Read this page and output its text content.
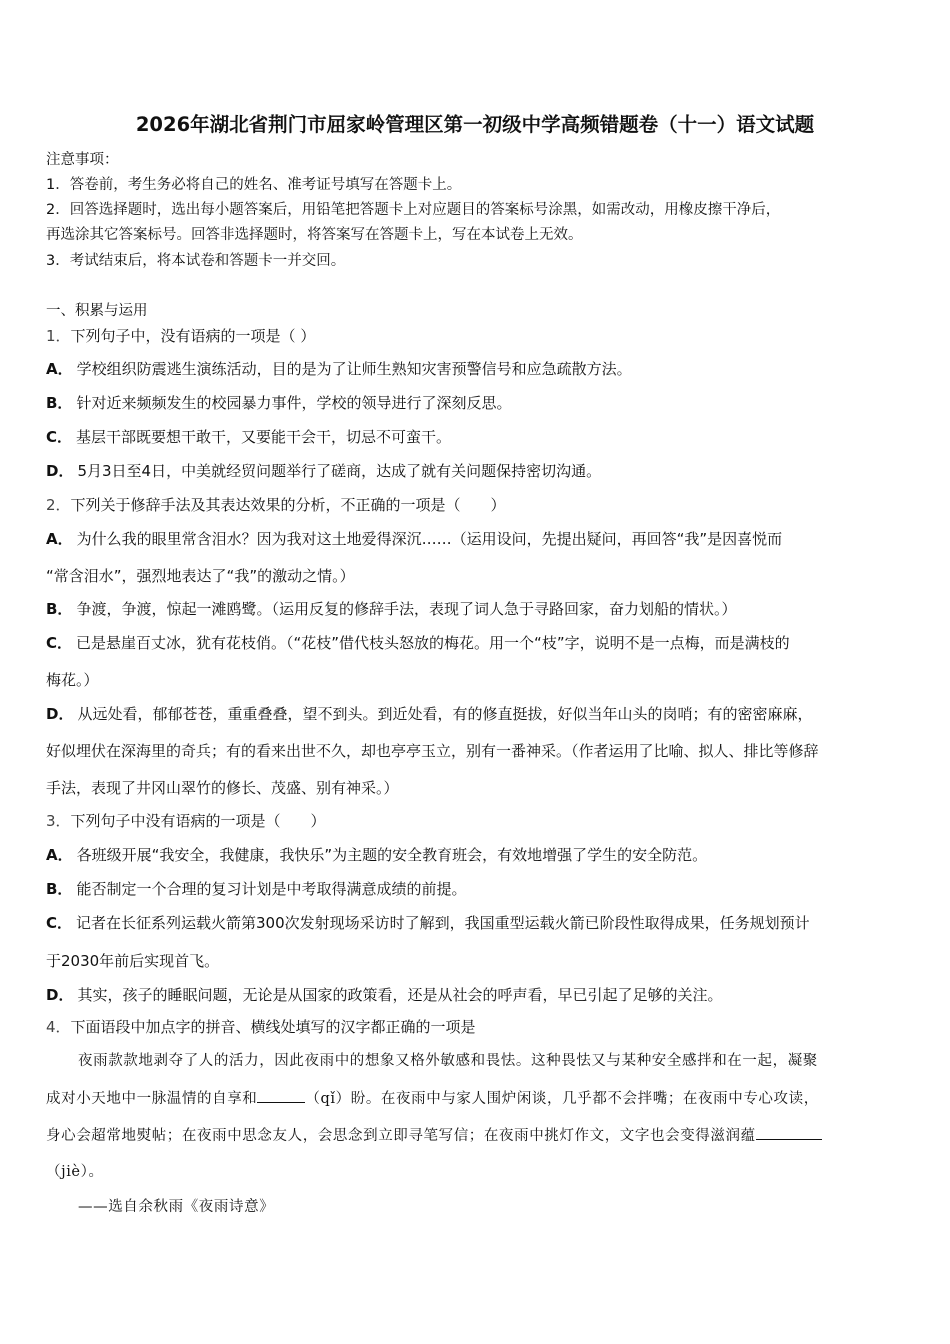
2026年湖北省荆门市屈家岭管理区第一初级中学高频错题卷（十一）语文试题
注意事项：
1．答卷前，考生务必将自己的姓名、准考证号填写在答题卡上。
2．回答选择题时，选出每小题答案后，用铅笔把答题卡上对应题目的答案标号涂黑，如需改动，用橡皮擦干净后，
再选涂其它答案标号。回答非选择题时，将答案写在答题卡上，写在本试卷上无效。
3．考试结束后，将本试卷和答题卡一并交回。
一、积累与运用
1．下列句子中，没有语病的一项是（ ）
A． 学校组织防震逃生演练活动，目的是为了让师生熟知灾害预警信号和应急疏散方法。
B． 针对近来频频发生的校园暴力事件，学校的领导进行了深刻反思。
C． 基层干部既要想干敢干，又要能干会干，切忌不可蛮干。
D． 5月3日至4日，中美就经贸问题举行了磋商，达成了就有关问题保持密切沟通。
2．下列关于修辞手法及其表达效果的分析，不正确的一项是（　　）
A． 为什么我的眼里常含泪水？因为我对这土地爱得深沉……（运用设问，先提出疑问，再回答“我”是因喜悦而
“常含泪水”，强烈地表达了“我”的激动之情。）
B． 争渡，争渡，惊起一滩鸥鹭。（运用反复的修辞手法，表现了词人急于寻路回家，奋力划船的情状。）
C． 已是悬崖百丈冰，犹有花枝俏。（“花枝”借代枝头怒放的梅花。用一个“枝”字，说明不是一点梅，而是满枝的
梅花。）
D． 从远处看，郁郁苍苍，重重叠叠，望不到头。到近处看，有的修直挺拔，好似当年山头的岗哨；有的密密麻麻，
好似埋伏在深海里的奇兵；有的看来出世不久，却也亭亭玉立，别有一番神采。（作者运用了比喻、拟人、排比等修辞
手法，表现了井冈山翠竹的修长、茂盛、别有神采。）
3．下列句子中没有语病的一项是（　　）
A． 各班级开展“我安全，我健康，我快乐”为主题的安全教育班会，有效地增强了学生的安全防范。
B． 能否制定一个合理的复习计划是中考取得满意成绩的前提。
C． 记者在长征系列运载火箭第300次发射现场采访时了解到，我国重型运载火箭已阶段性取得成果，任务规划预计
于2030年前后实现首飞。
D． 其实，孩子的睡眠问题，无论是从国家的政策看，还是从社会的呼声看，早已引起了足够的关注。
4．下面语段中加点字的拼音、横线处填写的汉字都正确的一项是
夜雨款款地剥夺了人的活力，因此夜雨中的想象又格外敏感和畏怯。这种畏怯又与某种安全感拌和在一起，凝聚
成对小天地中一脉温情的自享和	（qǐ）盼。在夜雨中与家人围炉闲谈，几乎都不会拌嘴；在夜雨中专心攻读，
身心会超常地熨帖；在夜雨中思念友人，会思念到立即寻笔写信；在夜雨中挑灯作文，文字也会变得滋润蕴
（jiè）。
——选自余秋雨《夜雨诗意》
